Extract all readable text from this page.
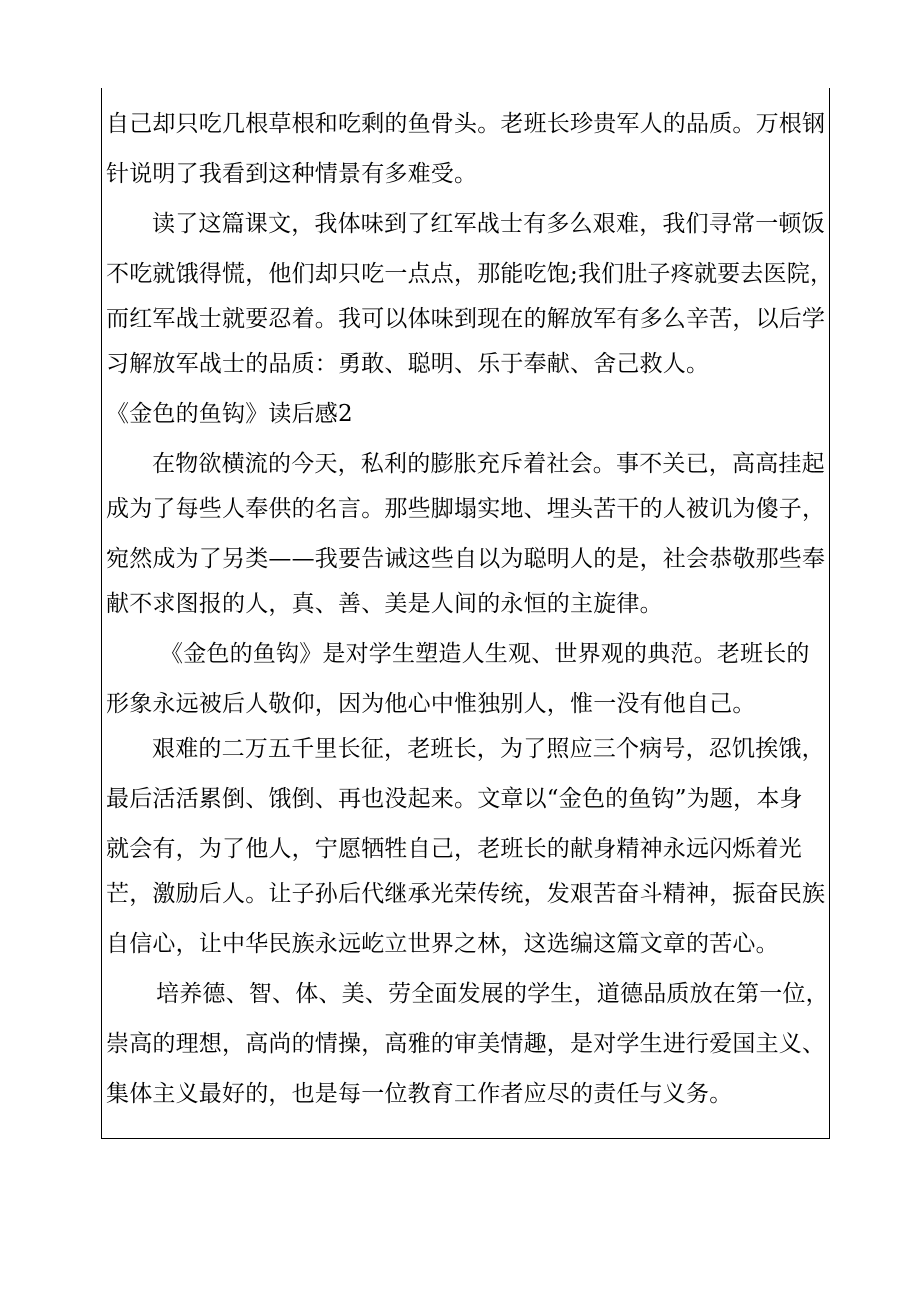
自己却只吃几根草根和吃剩的鱼骨头。老班长珍贵军人的品质。万根钢
针说明了我看到这种情景有多难受。
读了这篇课文，我体味到了红军战士有多么艰难，我们寻常一顿饭
不吃就饿得慌，他们却只吃一点点，那能吃饱;我们肚子疼就要去医院，
而红军战士就要忍着。我可以体味到现在的解放军有多么辛苦，以后学
习解放军战士的品质：勇敢、聪明、乐于奉献、舍己救人。
《金色的鱼钩》读后感2
在物欲横流的今天，私利的膨胀充斥着社会。事不关已，高高挂起
成为了每些人奉供的名言。那些脚塌实地、埋头苦干的人被讥为傻子，
宛然成为了另类——我要告诫这些自以为聪明人的是，社会恭敬那些奉
献不求图报的人，真、善、美是人间的永恒的主旋律。
《金色的鱼钩》是对学生塑造人生观、世界观的典范。老班长的
形象永远被后人敬仰，因为他心中惟独别人，惟一没有他自己。
艰难的二万五千里长征，老班长，为了照应三个病号，忍饥挨饿，
最后活活累倒、饿倒、再也没起来。文章以“金色的鱼钩”为题，本身
就会有，为了他人，宁愿牺牲自己，老班长的献身精神永远闪烁着光
芒，激励后人。让子孙后代继承光荣传统，发艰苦奋斗精神，振奋民族
自信心，让中华民族永远屹立世界之林，这选编这篇文章的苦心。
培养德、智、体、美、劳全面发展的学生，道德品质放在第一位，
崇高的理想，高尚的情操，高雅的审美情趣，是对学生进行爱国主义、
集体主义最好的，也是每一位教育工作者应尽的责任与义务。
